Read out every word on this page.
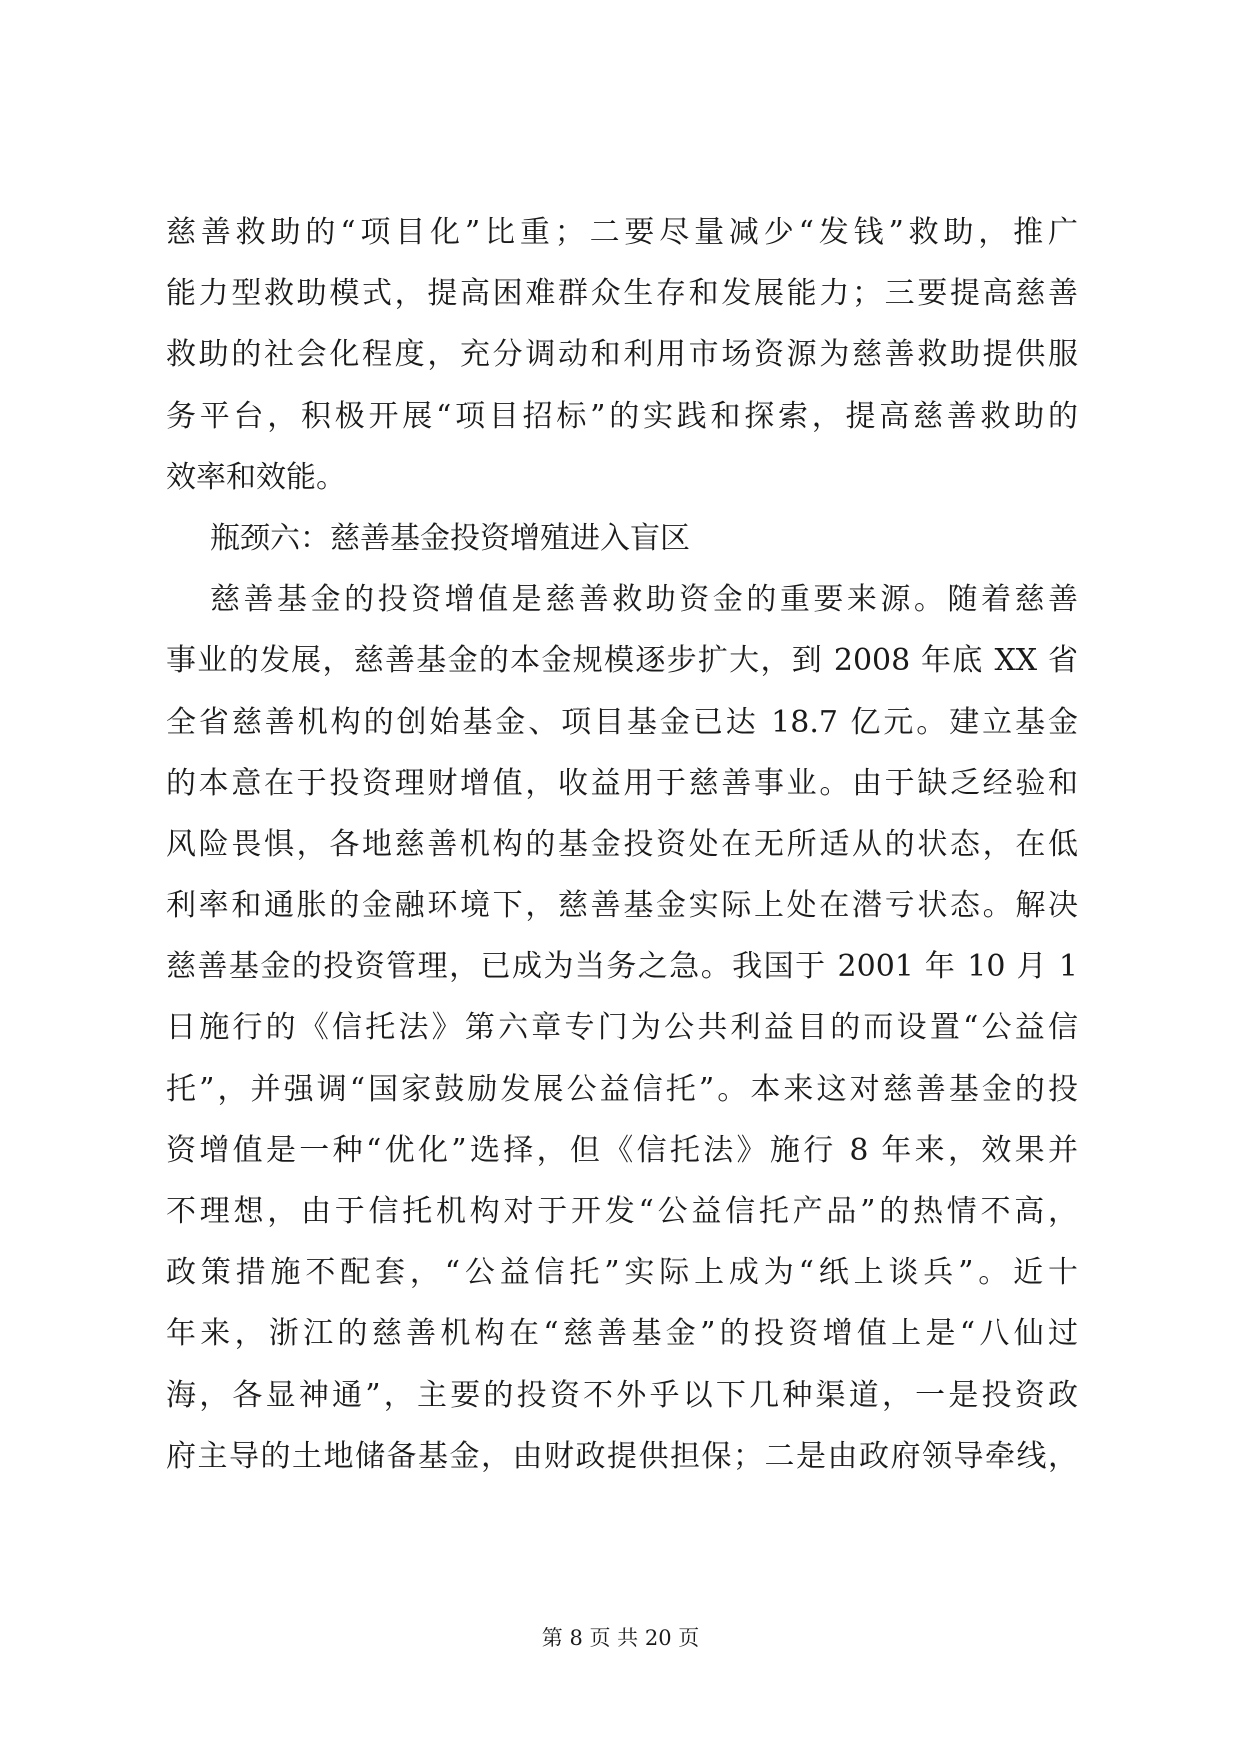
慈善救助的“项目化”比重；二要尽量减少“发钱”救助，推广
能力型救助模式，提高困难群众生存和发展能力；三要提高慈善
救助的社会化程度，充分调动和利用市场资源为慈善救助提供服
务平台，积极开展“项目招标”的实践和探索，提高慈善救助的
效率和效能。
瓶颈六：慈善基金投资增殖进入盲区
慈善基金的投资增值是慈善救助资金的重要来源。随着慈善
事业的发展，慈善基金的本金规模逐步扩大，到 2008 年底 XX 省
全省慈善机构的创始基金、项目基金已达 18.7 亿元。建立基金
的本意在于投资理财增值，收益用于慈善事业。由于缺乏经验和
风险畏惧，各地慈善机构的基金投资处在无所适从的状态，在低
利率和通胀的金融环境下，慈善基金实际上处在潜亏状态。解决
慈善基金的投资管理，已成为当务之急。我国于 2001 年 10 月 1
日施行的《信托法》第六章专门为公共利益目的而设置“公益信
托”，并强调“国家鼓励发展公益信托”。本来这对慈善基金的投
资增值是一种“优化”选择，但《信托法》施行 8 年来，效果并
不理想，由于信托机构对于开发“公益信托产品”的热情不高，
政策措施不配套，“公益信托”实际上成为“纸上谈兵”。近十
年来，浙江的慈善机构在“慈善基金”的投资增值上是“八仙过
海，各显神通”，主要的投资不外乎以下几种渠道，一是投资政
府主导的土地储备基金，由财政提供担保；二是由政府领导牵线，
第 8 页 共 20 页
